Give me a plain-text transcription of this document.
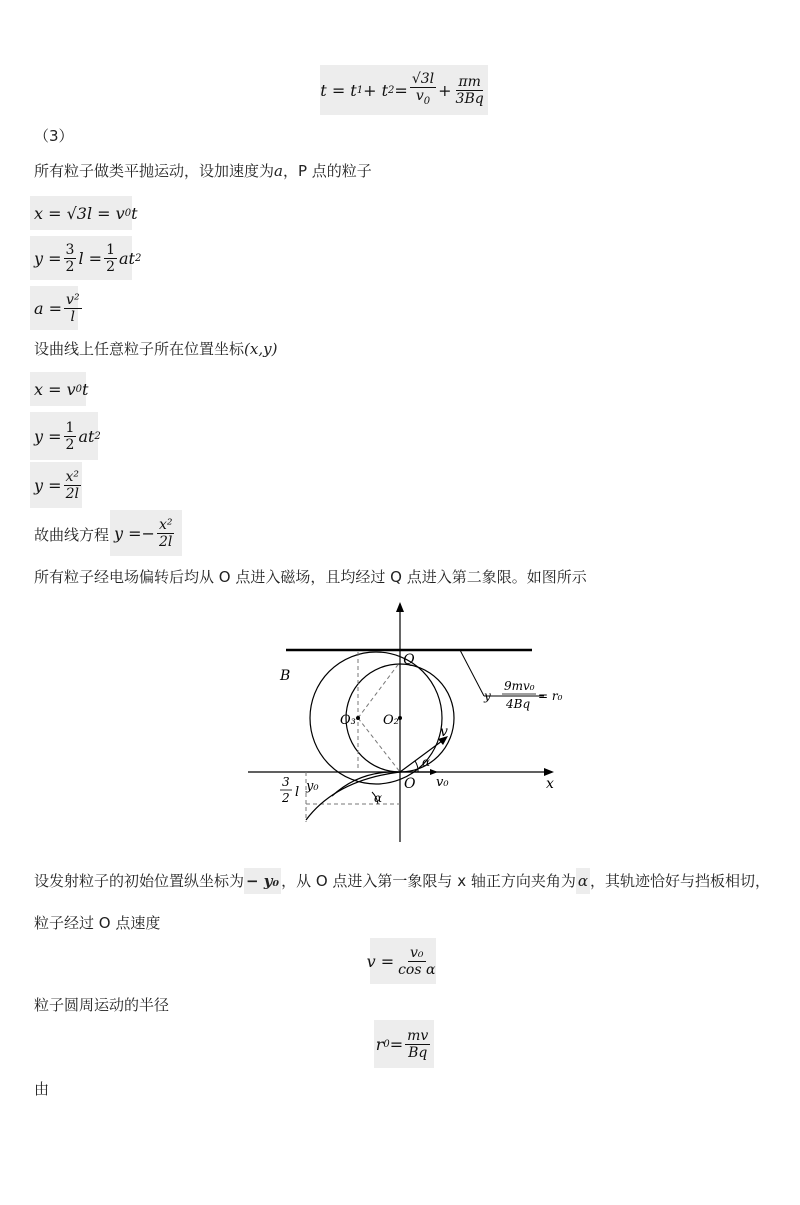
t = t 1 + t $2 = \frac{√3l}{v_0} + \frac{\pi m}{3Bq}$
（3）
所有粒子做类平抛运动，设加速度为a，P 点的粒子
x = √3l = v 0 t
$y = \frac{3}{2}$ $l = \frac{1}{2}$ at 2
$a = \frac{\text{v²}}{l}$
设曲线上任意粒子所在位置坐标(x,y)
x = v 0 t
$y = \frac{1}{2}$ at 2
$y = \frac{\text{x²}}{2l}$
故曲线方程 $y =- \frac{\text{x²}}{2l}$
所有粒子经电场偏转后均从 O 点进入磁场，且均经过 Q 点进入第二象限。如图所示
B
Q
O₃ O₂
O	x
v
α
v₀
α
y₀
3
2 l
y
9mv₀
4Bq
= r₀
设发射粒子的初始位置纵坐标为 − y₀ ，从 O 点进入第一象限与 x 轴正方向夹角为 α ，其轨迹恰好与挡板相切，
粒子经过 O 点速度
$v = \frac{\text{v₀}}{\text{cos α}}$
粒子圆周运动的半径
r $0 = \frac{mv}{Bq}$
由
